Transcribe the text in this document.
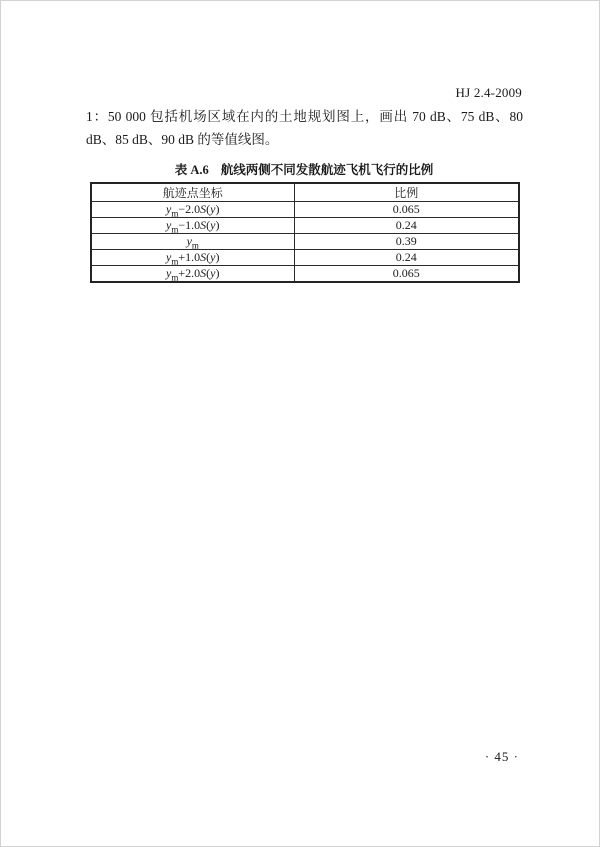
HJ 2.4-2009
1：50 000 包括机场区域在内的土地规划图上，画出 70 dB、75 dB、80 dB、85 dB、90 dB 的等值线图。
表 A.6 航线两侧不同发散航迹飞机飞行的比例
航迹点坐标	比例
$y_m-2.0S(y)$	0.065
$y_m-1.0S(y)$	0.24
$y_m$	0.39
$y_m+1.0S(y)$	0.24
$y_m+2.0S(y)$	0.065
· 45 ·
